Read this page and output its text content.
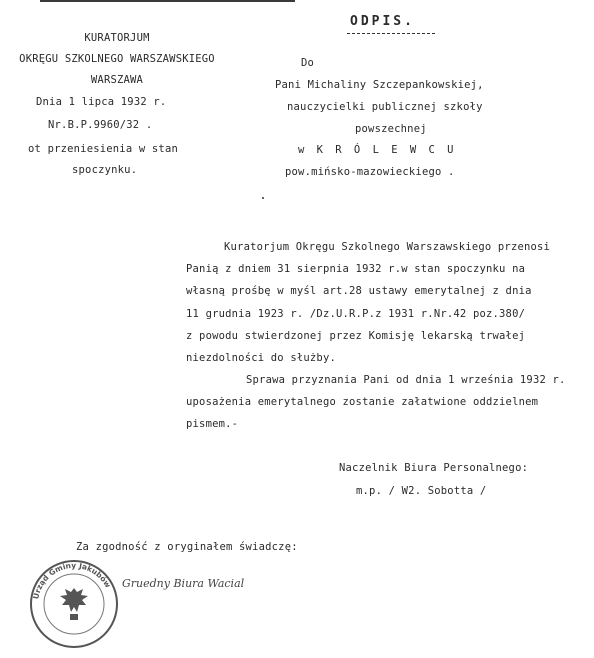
ODPIS.
KURATORJUM
OKRĘGU SZKOLNEGO WARSZAWSKIEGO
WARSZAWA
Dnia 1 lipca 1932 r.
Nr.B.P.9960/32 .
ot przeniesienia w stan
spoczynku.
Do
Pani Michaliny Szczepankowskiej,
nauczycielki publicznej szkoły
powszechnej
w K R Ó L E W C U
pow.mińsko-mazowieckiego .
Kuratorjum Okręgu Szkolnego Warszawskiego przenosi
Panią z dniem 31 sierpnia 1932 r.w stan spoczynku na
własną prośbę w myśl art.28 ustawy emerytalnej z dnia
11 grudnia 1923 r. /Dz.U.R.P.z 1931 r.Nr.42 poz.380/
z powodu stwierdzonej przez Komisję lekarską trwałej
niezdolności do służby.
Sprawa przyznania Pani od dnia 1 września 1932 r.
uposażenia emerytalnego zostanie załatwione oddzielnem
pismem.-
Naczelnik Biura Personalnego:
m.p. / W2. Sobotta /
Za zgodność z oryginałem świadczę:
Urząd Gminy Jakubów Gruedny Biura Wacial
